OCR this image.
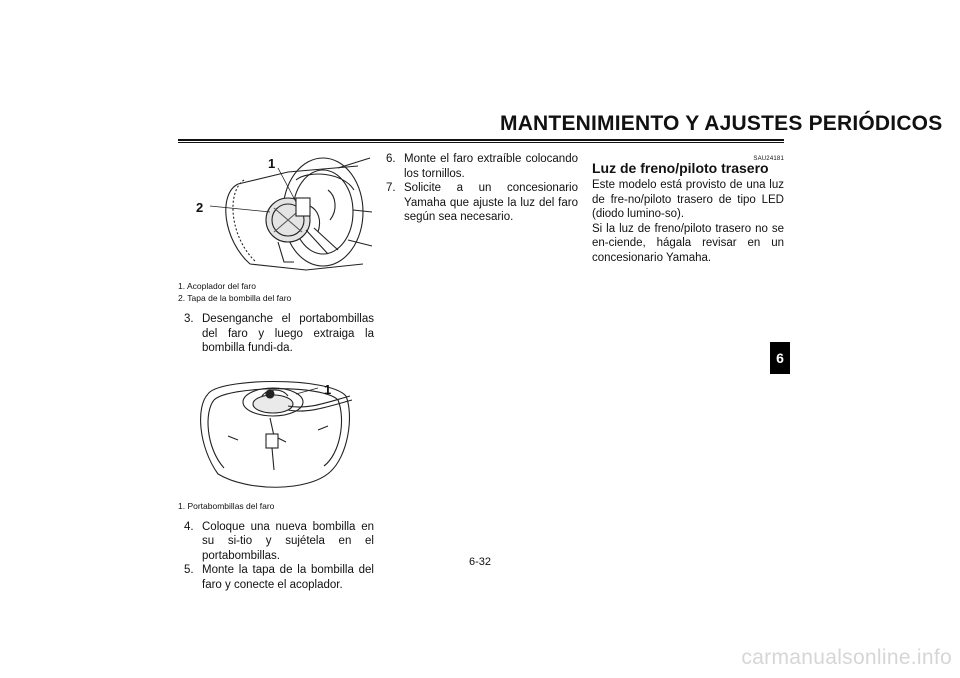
MANTENIMIENTO Y AJUSTES PERIÓDICOS
6
1
2
1. Acoplador del faro
2. Tapa de la bombilla del faro
3. Desenganche el portabombillas del faro y luego extraiga la bombilla fundi-da.
1
1. Portabombillas del faro
4. Coloque una nueva bombilla en su si-tio y sujétela en el portabombillas.
5. Monte la tapa de la bombilla del faro y conecte el acoplador.
6. Monte el faro extraíble colocando los tornillos.
7. Solicite a un concesionario Yamaha que ajuste la luz del faro según sea necesario.
SAU24181
Luz de freno/piloto trasero

Este modelo está provisto de una luz de fre-no/piloto trasero de tipo LED (diodo lumino-so).

Si la luz de freno/piloto trasero no se en-ciende, hágala revisar en un concesionario Yamaha.

6-32
carmanualsonline.info
